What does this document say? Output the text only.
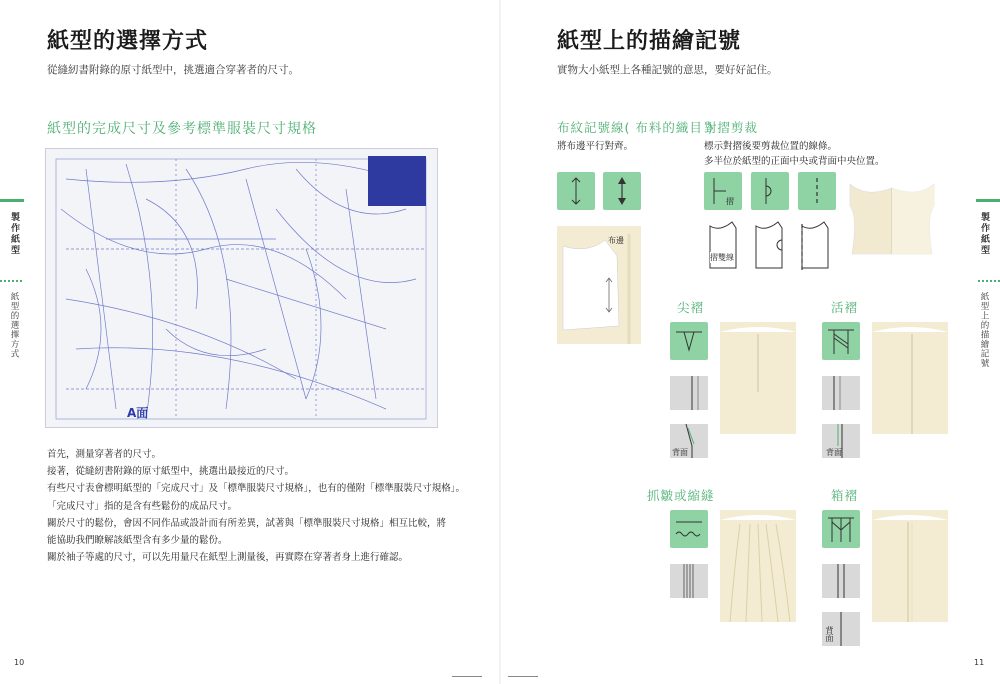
紙型的選擇方式
從縫紉書附錄的原寸紙型中，挑選適合穿著者的尺寸。
紙型的完成尺寸及參考標準服裝尺寸規格
A面

首先，測量穿著者的尺寸。

接著，從縫紉書附錄的原寸紙型中，挑選出最接近的尺寸。

有些尺寸表會標明紙型的「完成尺寸」及「標準服裝尺寸規格」，也有的僅附「標準服裝尺寸規格」。

「完成尺寸」指的是含有些鬆份的成品尺寸。

關於尺寸的鬆份，會因不同作品或設計而有所差異，試著與「標準服裝尺寸規格」相互比較，將

能協助我們瞭解該紙型含有多少量的鬆份。

關於袖子等處的尺寸，可以先用量尺在紙型上測量後，再實際在穿著者身上進行確認。

製作紙型
紙型的選擇方式
10
紙型上的描繪記號
實物大小紙型上各種記號的意思，要好好記住。
布紋記號線( 布料的織目 )
將布邊平行對齊。
布邊
對摺剪裁
標示對摺後要剪裁位置的線條。
多半位於紙型的正面中央或背面中央位置。
摺
摺雙線
尖褶
背面
活褶
背面
抓皺或縮縫	箱褶
背面
製作紙型
紙型上的描繪記號
11
